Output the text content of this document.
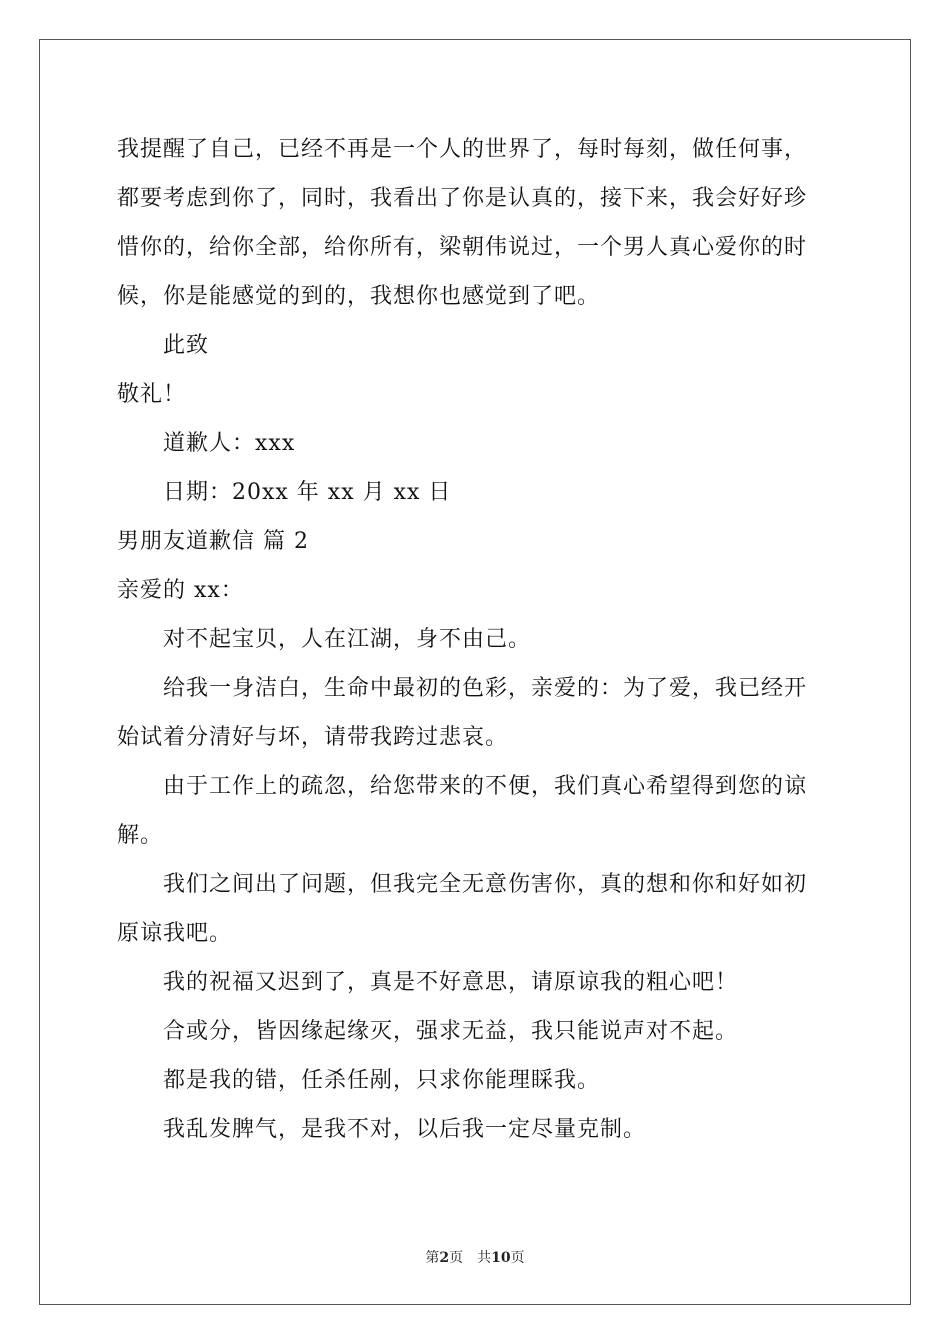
我提醒了自己，已经不再是一个人的世界了，每时每刻，做任何事，
都要考虑到你了，同时，我看出了你是认真的，接下来，我会好好珍
惜你的，给你全部，给你所有，梁朝伟说过，一个男人真心爱你的时
候，你是能感觉的到的，我想你也感觉到了吧。
此致
敬礼！
道歉人：xxx
日期：20xx 年 xx 月 xx 日
男朋友道歉信 篇 2
亲爱的 xx：
对不起宝贝，人在江湖，身不由己。
给我一身洁白，生命中最初的色彩，亲爱的：为了爱，我已经开
始试着分清好与坏，请带我跨过悲哀。
由于工作上的疏忽，给您带来的不便，我们真心希望得到您的谅
解。
我们之间出了问题，但我完全无意伤害你，真的想和你和好如初
原谅我吧。
我的祝福又迟到了，真是不好意思，请原谅我的粗心吧！
合或分，皆因缘起缘灭，强求无益，我只能说声对不起。
都是我的错，任杀任剐，只求你能理睬我。
我乱发脾气，是我不对，以后我一定尽量克制。
第2页 共10页
